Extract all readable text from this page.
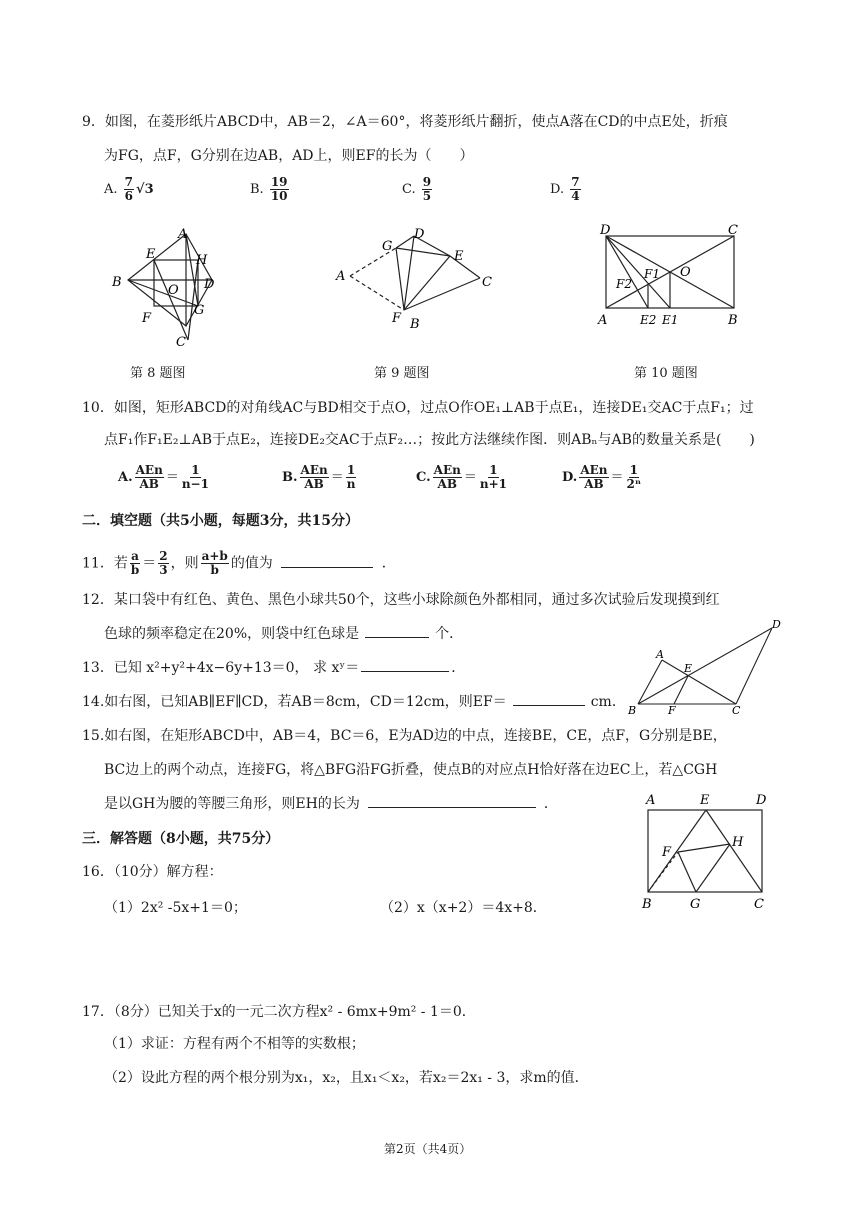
9．如图，在菱形纸片ABCD中，AB＝2，∠A＝60°，将菱形纸片翻折，使点A落在CD的中点E处，折痕
为FG，点F，G分别在边AB，AD上，则EF的长为（　　）
A. $\frac{7}{6} √3$	B. $\frac{19}{10}$	C. $\frac{9}{5}$	D. $\frac{7}{4}$
A
E	H
B
O D
F
G
C
G
D
E
A	C
F B
D	C
F1 O
F2
A	E2 E1	B
第 8 题图	第 9 题图	第 10 题图
10．如图，矩形ABCD的对角线AC与BD相交于点O，过点O作OE₁⊥AB于点E₁，连接DE₁交AC于点F₁；过
点F₁作F₁E₂⊥AB于点E₂，连接DE₂交AC于点F₂…；按此方法继续作图．则ABₙ与AB的数量关系是(　　)
A. $\frac{\text{AEn}}{AB} = \frac{1}{n-1}$	B. $\frac{\text{AEn}}{AB} = \frac{1}{n}$	C. $\frac{\text{AEn}}{AB} = \frac{1}{n+1}$	D. $\frac{\text{AEn}}{AB} = \frac{1}{\text{2ⁿ}}$
二．填空题（共5小题，每题3分，共15分）
11．若 $\frac{a}{b} = \frac{2}{3}$ ，则 $\frac{a+b}{b}$ 的值为	．
12．某口袋中有红色、黄色、黑色小球共50个，这些小球除颜色外都相同，通过多次试验后发现摸到红
色球的频率稳定在20%，则袋中红色球是	个．
13．已知 x²+y²+4x−6y+13＝0， 求 xʸ＝	．
14.如右图，已知AB∥EF∥CD，若AB＝8cm，CD＝12cm，则EF＝	cm．
A
E
D
B	F	C
15.如右图，在矩形ABCD中，AB＝4，BC＝6，E为AD边的中点，连接BE，CE，点F，G分别是BE，
BC边上的两个动点，连接FG，将△BFG沿FG折叠，使点B的对应点H恰好落在边EC上，若△CGH
是以GH为腰的等腰三角形，则EH的长为	．	A	E	D
F
H
B	G	C
三．解答题（8小题，共75分）
16．（10分）解方程：
（1）2x² -5x+1＝0；	（2）x（x+2）＝4x+8．
17．（8分）已知关于x的一元二次方程x² - 6mx+9m² - 1＝0．
（1）求证：方程有两个不相等的实数根；
（2）设此方程的两个根分别为x₁，x₂，且x₁＜x₂，若x₂＝2x₁ - 3，求m的值．
第2页（共4页）
